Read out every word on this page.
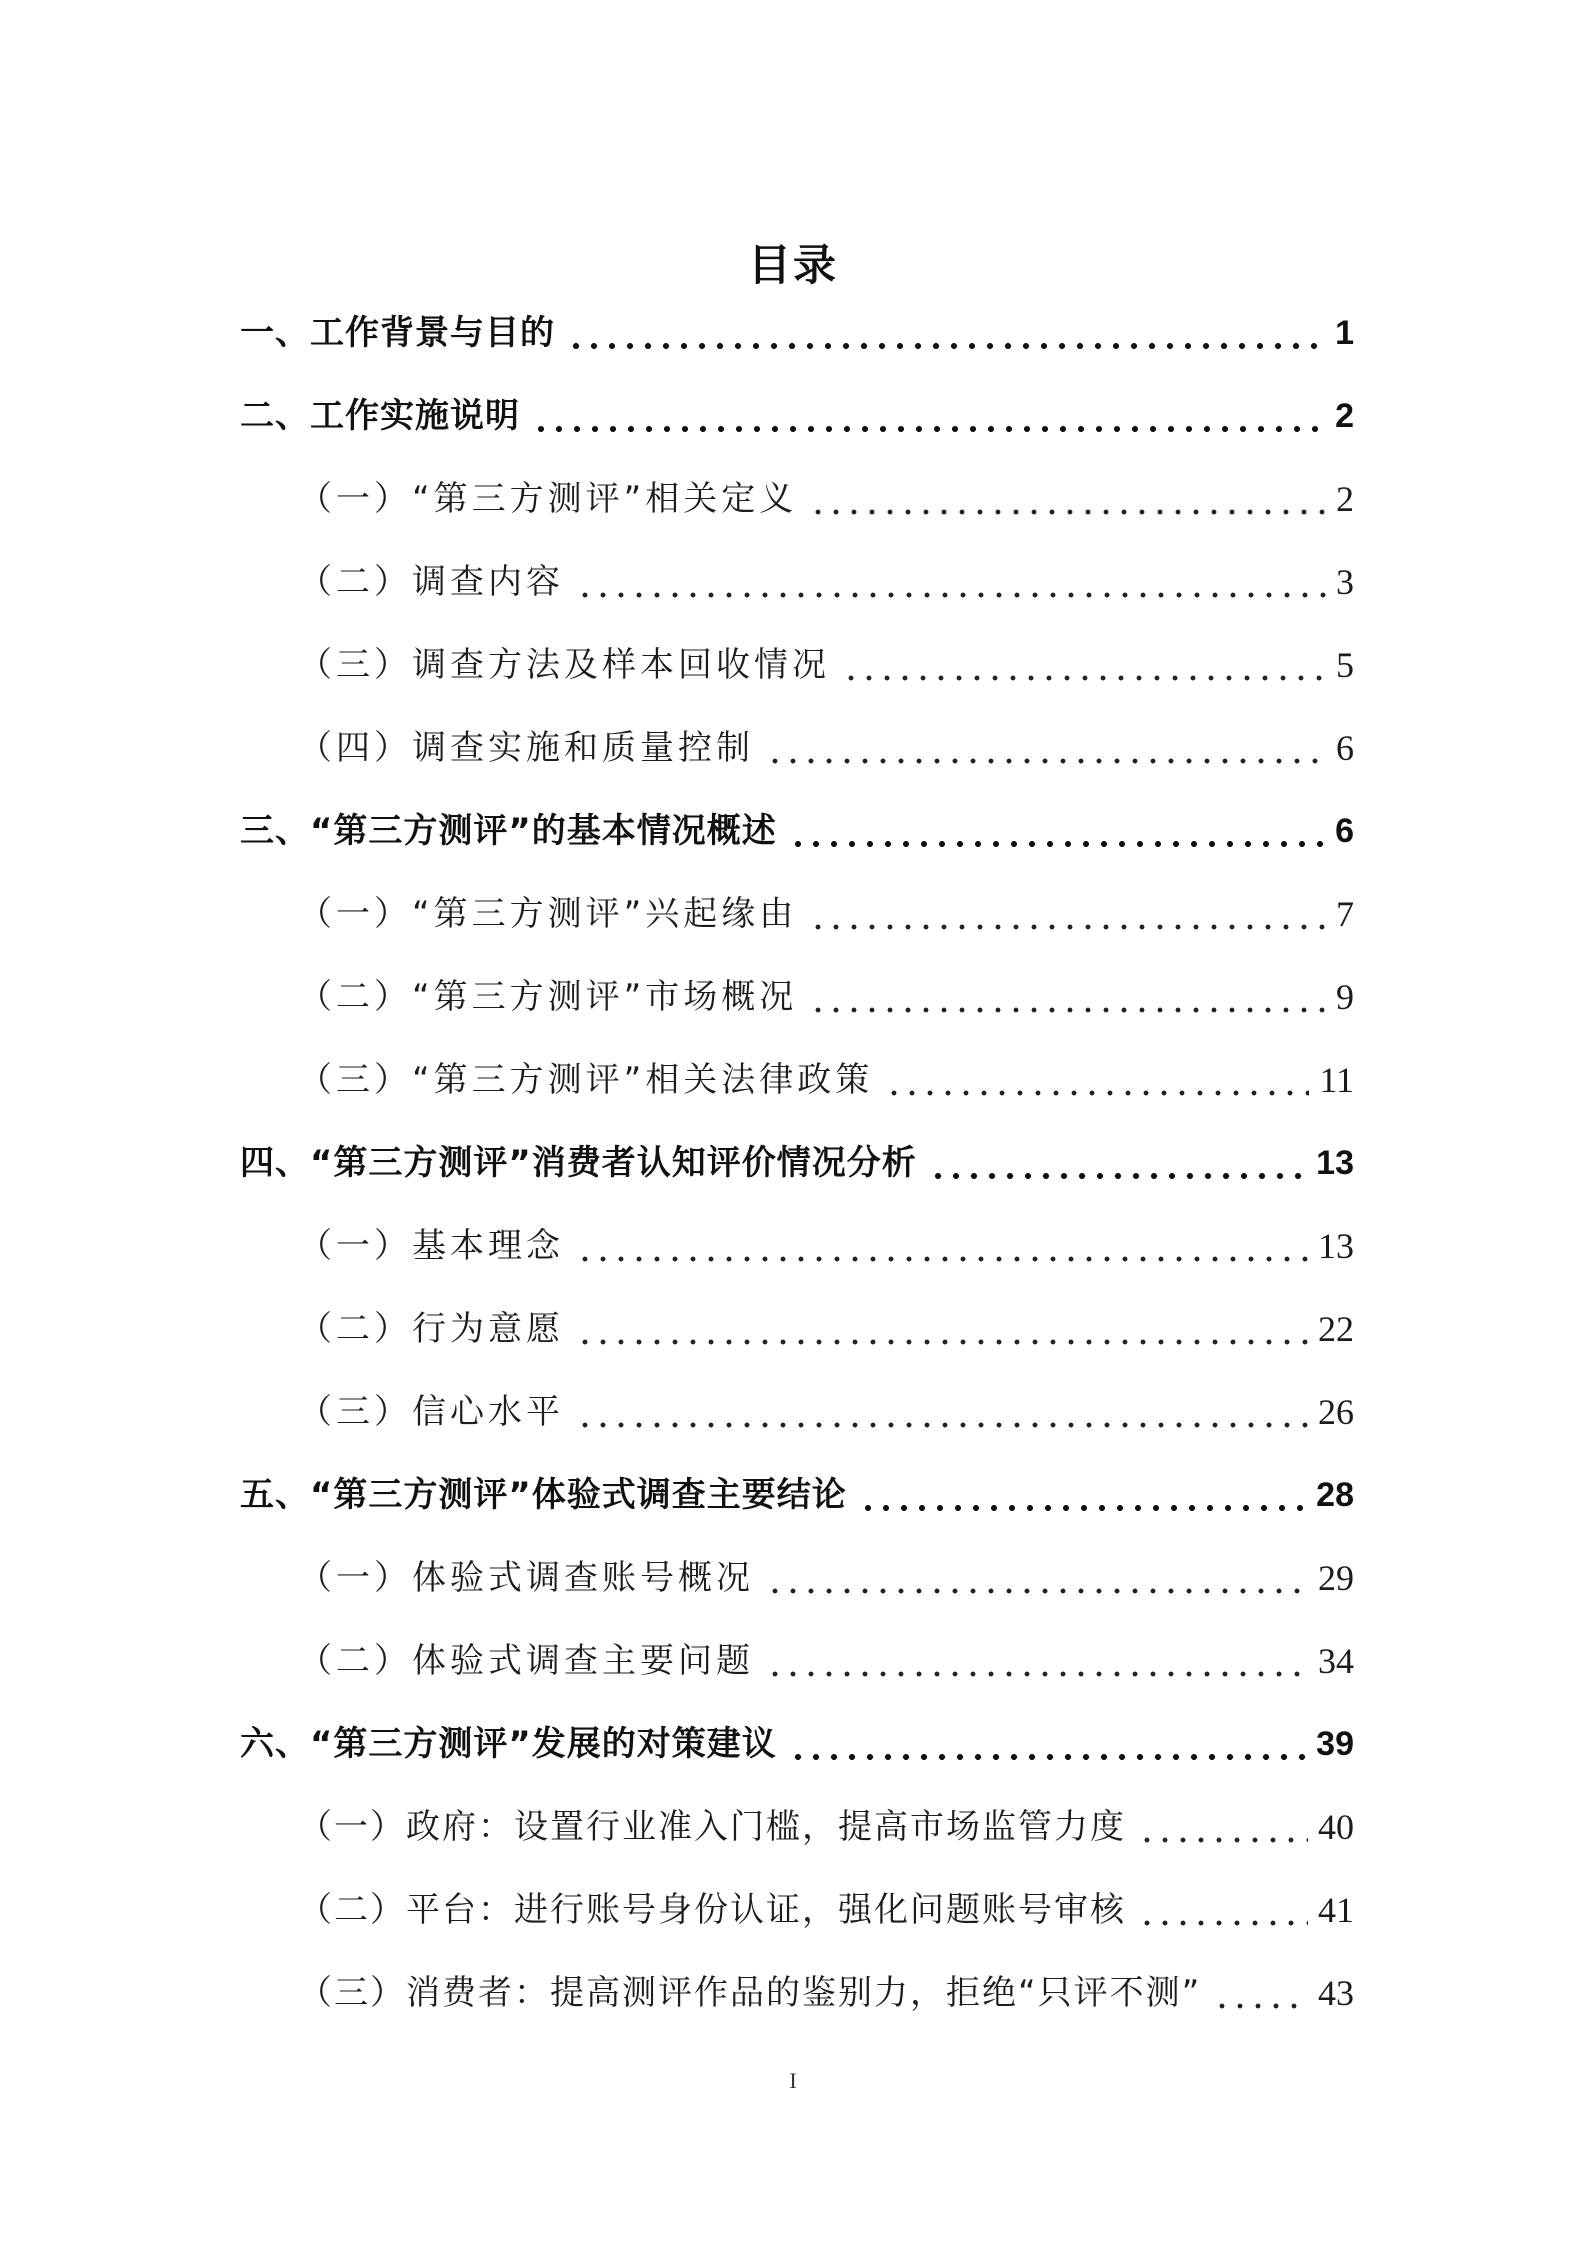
目录
一、工作背景与目的	1
二、工作实施说明	2
（一）“第三方测评”相关定义	2
（二）调查内容	3
（三）调查方法及样本回收情况	5
（四）调查实施和质量控制	6
三、“第三方测评”的基本情况概述	6
（一）“第三方测评”兴起缘由	7
（二）“第三方测评”市场概况	9
（三）“第三方测评”相关法律政策	11
四、“第三方测评”消费者认知评价情况分析	13
（一）基本理念	13
（二）行为意愿	22
（三）信心水平	26
五、“第三方测评”体验式调查主要结论	28
（一）体验式调查账号概况	29
（二）体验式调查主要问题	34
六、“第三方测评”发展的对策建议	39
（一）政府：设置行业准入门槛，提高市场监管力度	40
（二）平台：进行账号身份认证，强化问题账号审核	41
（三）消费者：提高测评作品的鉴别力，拒绝“只评不测”	43
I
